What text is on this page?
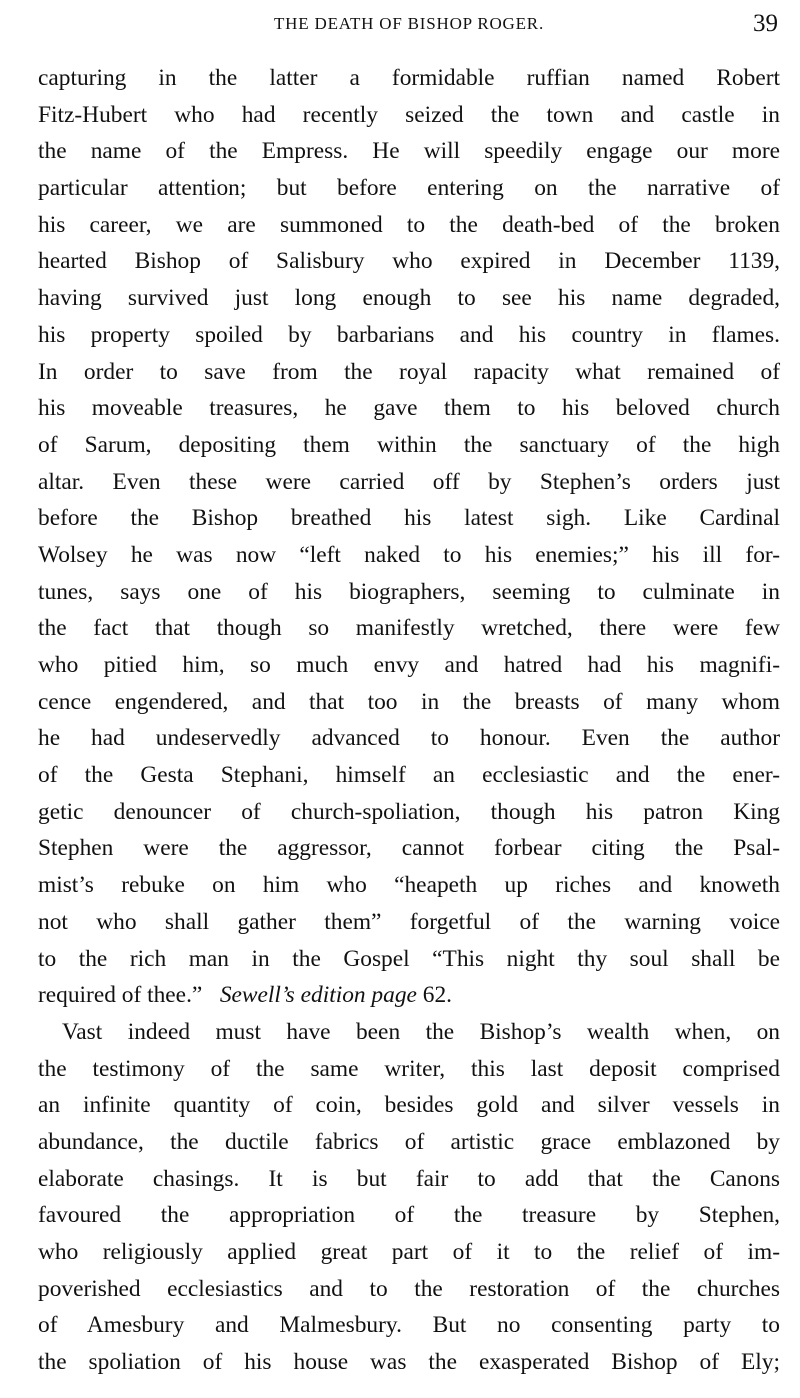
THE DEATH OF BISHOP ROGER.	39
capturing in the latter a formidable ruffian named Robert
Fitz-Hubert who had recently seized the town and castle in
the name of the Empress. He will speedily engage our more
particular attention; but before entering on the narrative of
his career, we are summoned to the death-bed of the broken
hearted Bishop of Salisbury who expired in December 1139,
having survived just long enough to see his name degraded,
his property spoiled by barbarians and his country in flames.
In order to save from the royal rapacity what remained of
his moveable treasures, he gave them to his beloved church
of Sarum, depositing them within the sanctuary of the high
altar. Even these were carried off by Stephen’s orders just
before the Bishop breathed his latest sigh. Like Cardinal
Wolsey he was now “left naked to his enemies;” his ill for-
tunes, says one of his biographers, seeming to culminate in
the fact that though so manifestly wretched, there were few
who pitied him, so much envy and hatred had his magnifi-
cence engendered, and that too in the breasts of many whom
he had undeservedly advanced to honour. Even the author
of the Gesta Stephani, himself an ecclesiastic and the ener-
getic denouncer of church-spoliation, though his patron King
Stephen were the aggressor, cannot forbear citing the Psal-
mist’s rebuke on him who “heapeth up riches and knoweth
not who shall gather them” forgetful of the warning voice
to the rich man in the Gospel “This night thy soul shall be
required of thee.” Sewell’s edition page 62.
Vast indeed must have been the Bishop’s wealth when, on
the testimony of the same writer, this last deposit comprised
an infinite quantity of coin, besides gold and silver vessels in
abundance, the ductile fabrics of artistic grace emblazoned by
elaborate chasings. It is but fair to add that the Canons
favoured the appropriation of the treasure by Stephen,
who religiously applied great part of it to the relief of im-
poverished ecclesiastics and to the restoration of the churches
of Amesbury and Malmesbury. But no consenting party to
the spoliation of his house was the exasperated Bishop of Ely;
